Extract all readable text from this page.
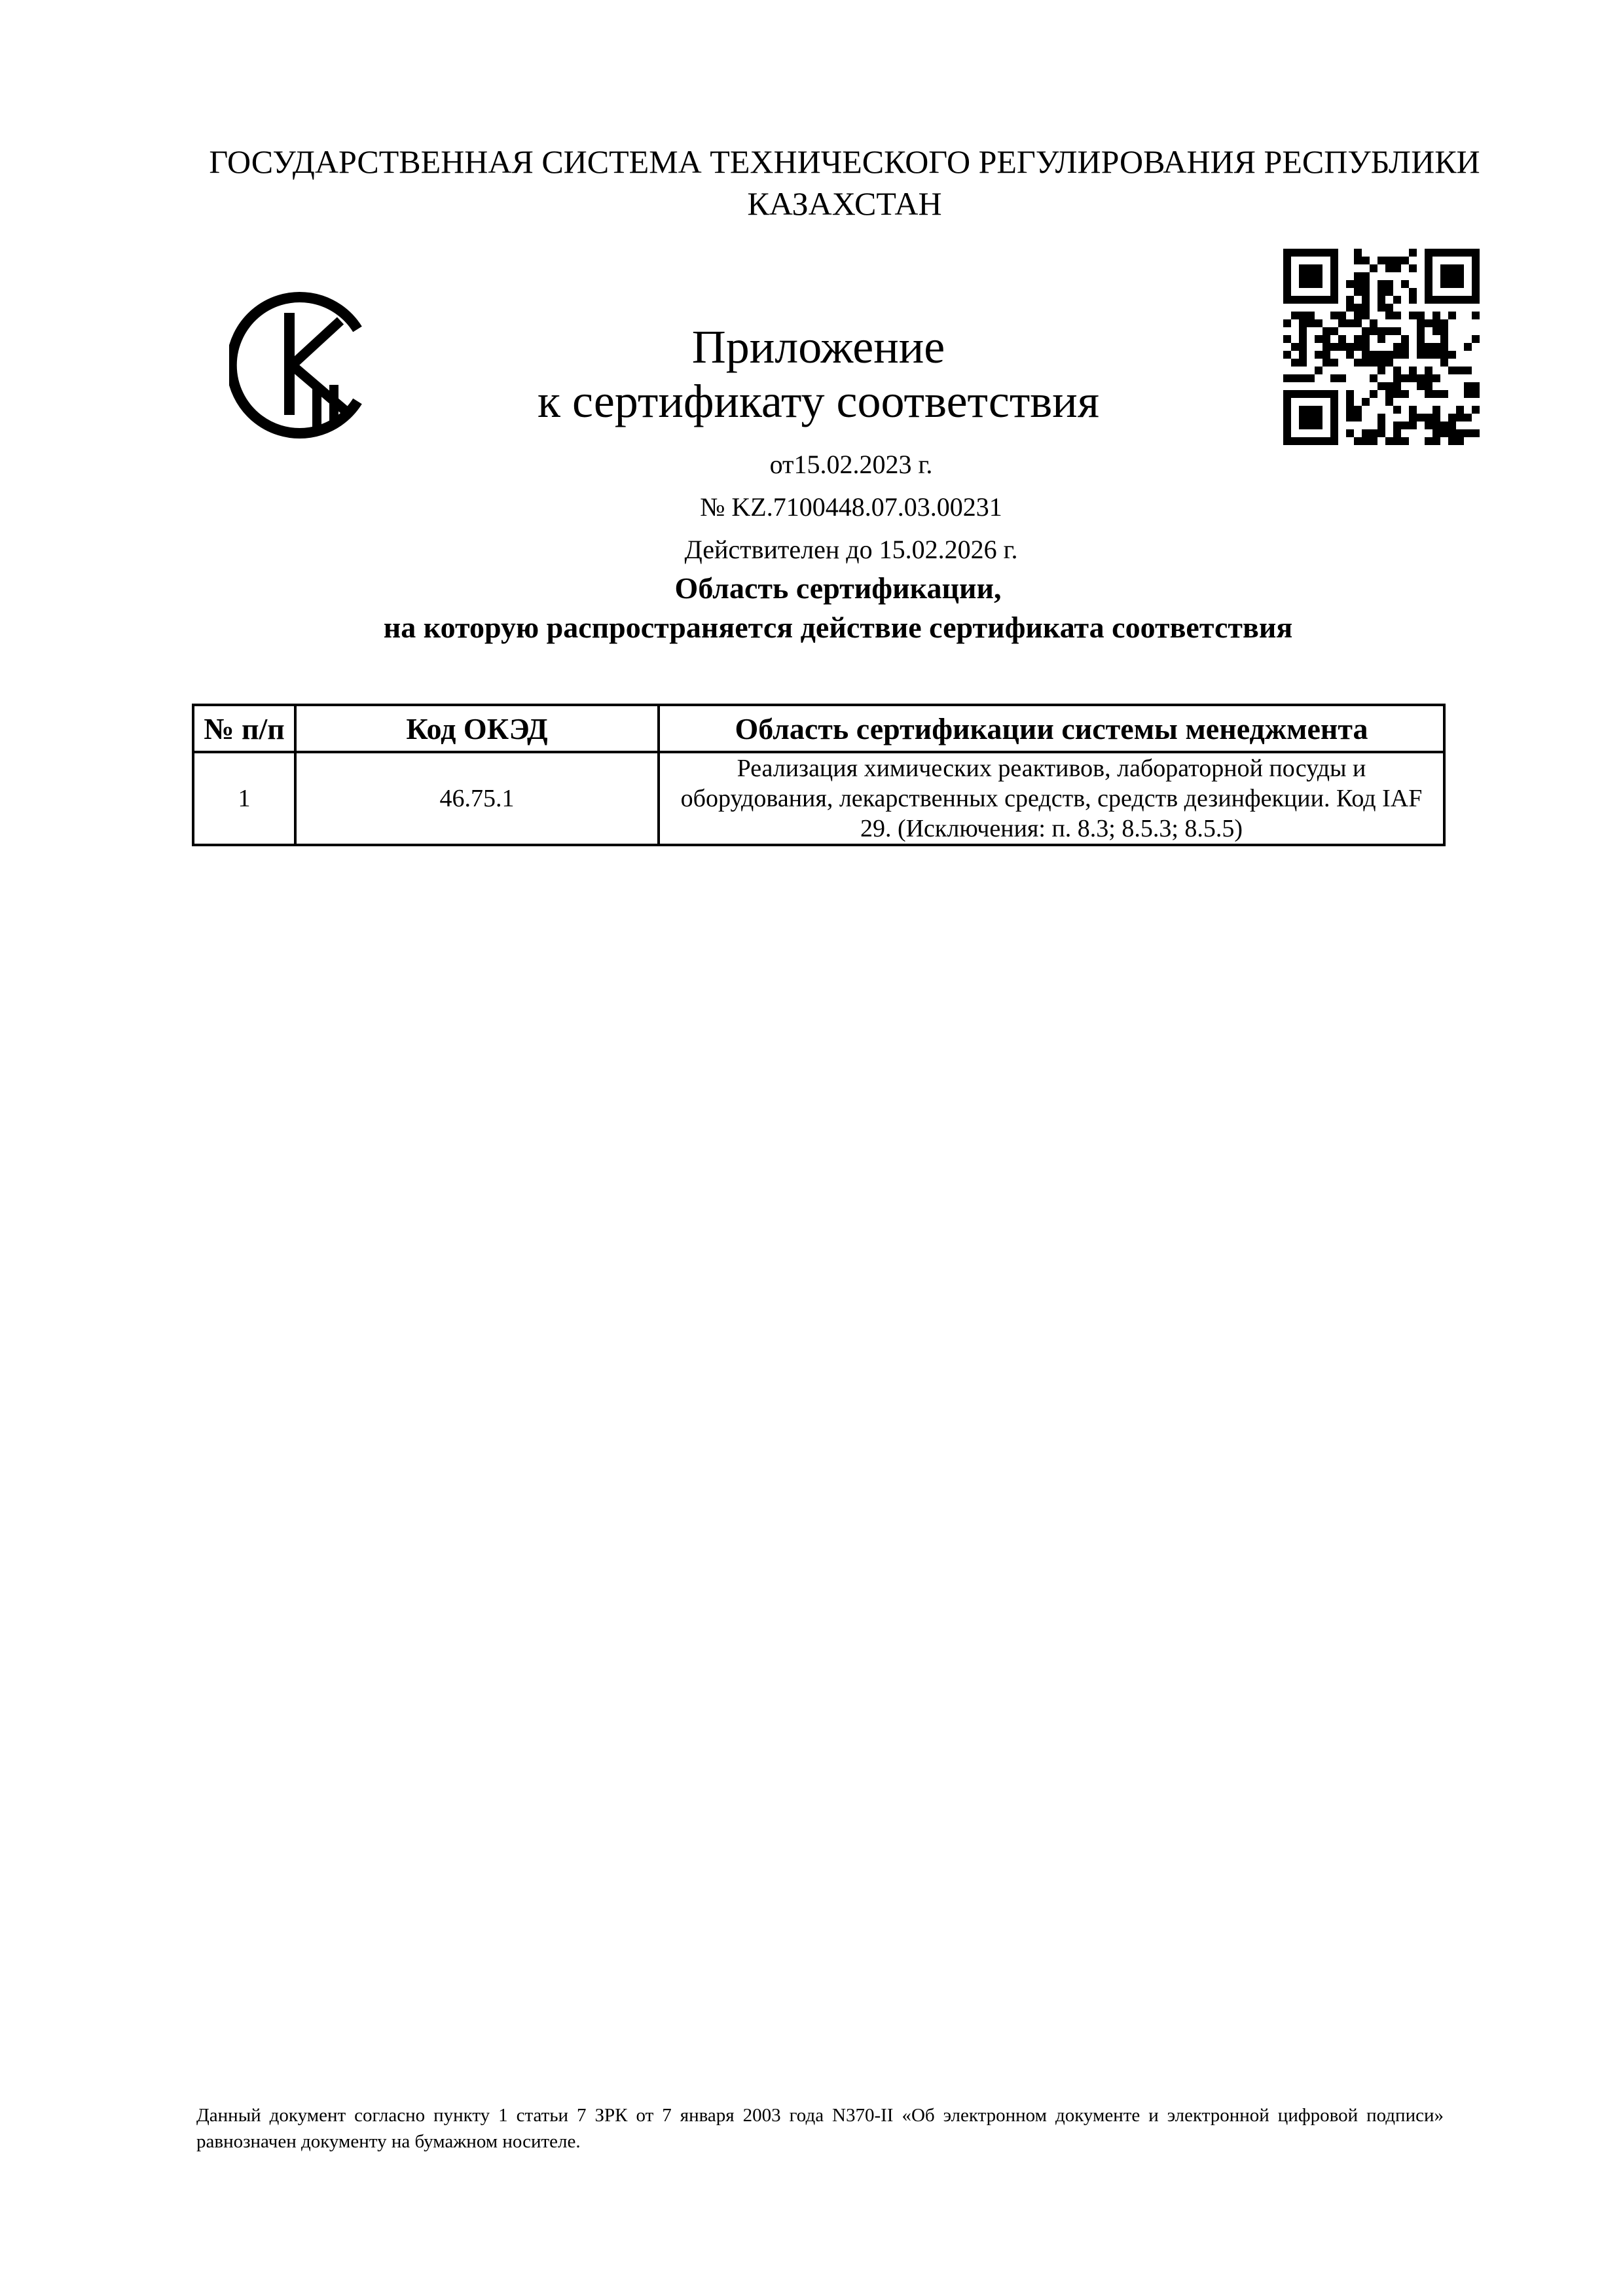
ГОСУДАРСТВЕННАЯ СИСТЕМА ТЕХНИЧЕСКОГО РЕГУЛИРОВАНИЯ РЕСПУБЛИКИ
КАЗАХСТАН
Приложение
к сертификату соответствия
от15.02.2023 г.
№ KZ.7100448.07.03.00231
Действителен до 15.02.2026 г.
Область сертификации,
на которую распространяется действие сертификата соответствия
№ п/п	Код ОКЭД	Область сертификации системы менеджмента
1	46.75.1	Реализация химических реактивов, лабораторной посуды и оборудования, лекарственных средств, средств дезинфекции. Код IAF 29. (Исключения: п. 8.3; 8.5.3; 8.5.5)
Данный документ согласно пункту 1 статьи 7 ЗРК от 7 января 2003 года N370-II «Об электронном документе и электронной цифровой подписи» равнозначен документу на бумажном носителе.
